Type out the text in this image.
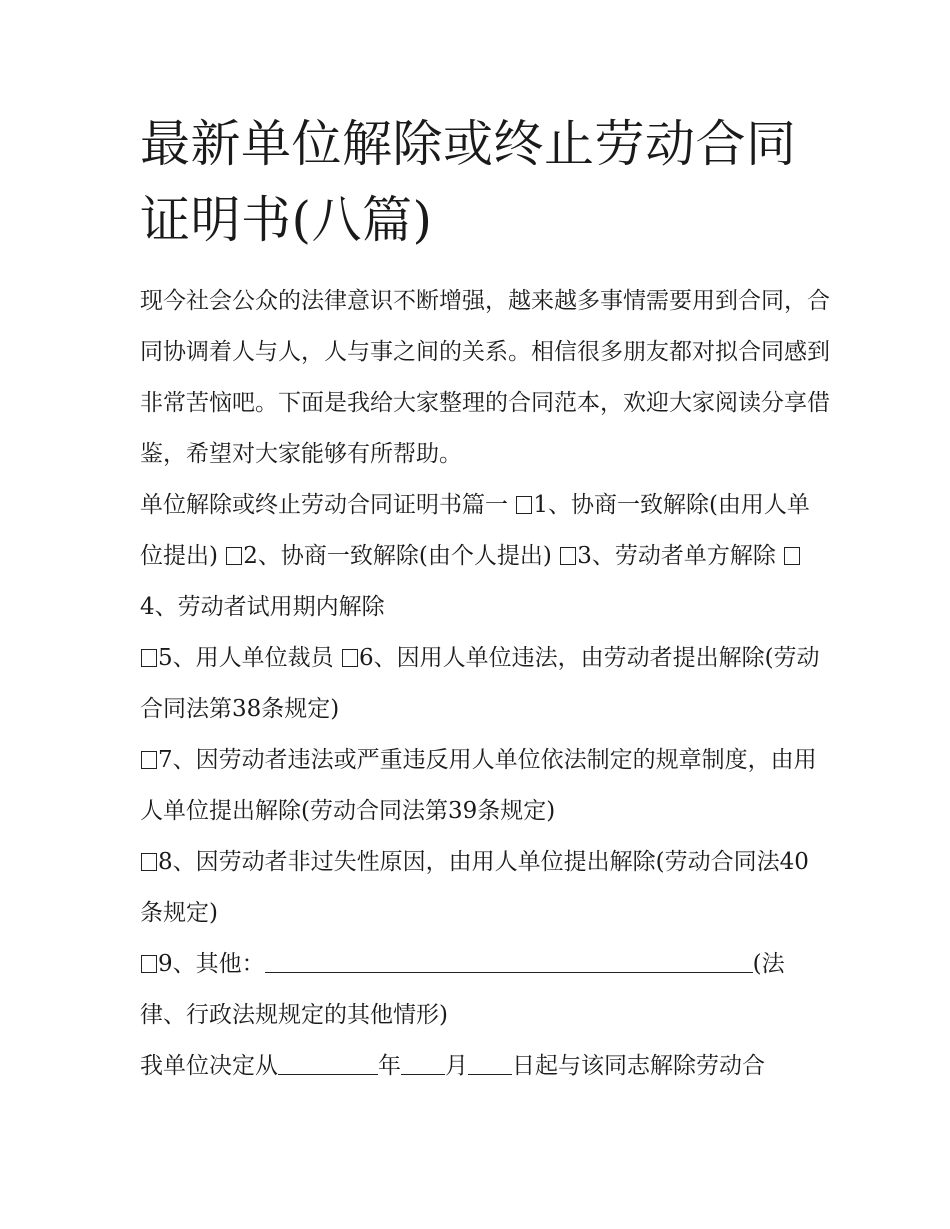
最新单位解除或终止劳动合同证明书(八篇)

现今社会公众的法律意识不断增强，越来越多事情需要用到合同，合同协调着人与人，人与事之间的关系。相信很多朋友都对拟合同感到非常苦恼吧。下面是我给大家整理的合同范本，欢迎大家阅读分享借鉴，希望对大家能够有所帮助。

单位解除或终止劳动合同证明书篇一 1、协商一致解除(由用人单位提出) 2、协商一致解除(由个人提出) 3、劳动者单方解除 4、劳动者试用期内解除

5、用人单位裁员 6、因用人单位违法，由劳动者提出解除(劳动合同法第38条规定)

7、因劳动者违法或严重违反用人单位依法制定的规章制度，由用人单位提出解除(劳动合同法第39条规定)

8、因劳动者非过失性原因，由用人单位提出解除(劳动合同法40条规定)

9、其他：	(法律、行政法规规定的其他情形)

我单位决定从	年 月 日起与该同志解除劳动合
